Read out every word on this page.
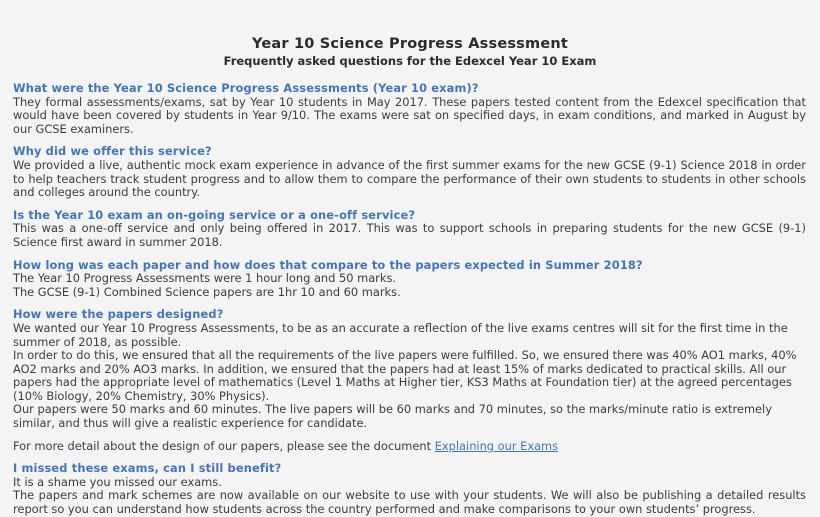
Year 10 Science Progress Assessment
Frequently asked questions for the Edexcel Year 10 Exam

What were the Year 10 Science Progress Assessments (Year 10 exam)?

They formal assessments/exams, sat by Year 10 students in May 2017. These papers tested content from the Edexcel specification that would have been covered by students in Year 9/10. The exams were sat on specified days, in exam conditions, and marked in August by our GCSE examiners.

Why did we offer this service?

We provided a live, authentic mock exam experience in advance of the first summer exams for the new GCSE (9-1) Science 2018 in order to help teachers track student progress and to allow them to compare the performance of their own students to students in other schools and colleges around the country.

Is the Year 10 exam an on-going service or a one-off service?

This was a one-off service and only being offered in 2017. This was to support schools in preparing students for the new GCSE (9-1) Science first award in summer 2018.

How long was each paper and how does that compare to the papers expected in Summer 2018?

The Year 10 Progress Assessments were 1 hour long and 50 marks.

The GCSE (9-1) Combined Science papers are 1hr 10 and 60 marks.

How were the papers designed?

We wanted our Year 10 Progress Assessments, to be as an accurate a reflection of the live exams centres will sit for the first time in the summer of 2018, as possible.

In order to do this, we ensured that all the requirements of the live papers were fulfilled. So, we ensured there was 40% AO1 marks, 40% AO2 marks and 20% AO3 marks. In addition, we ensured that the papers had at least 15% of marks dedicated to practical skills. All our papers had the appropriate level of mathematics (Level 1 Maths at Higher tier, KS3 Maths at Foundation tier) at the agreed percentages (10% Biology, 20% Chemistry, 30% Physics).

Our papers were 50 marks and 60 minutes. The live papers will be 60 marks and 70 minutes, so the marks/minute ratio is extremely similar, and thus will give a realistic experience for candidate.

For more detail about the design of our papers, please see the document Explaining our Exams

I missed these exams, can I still benefit?

It is a shame you missed our exams.

The papers and mark schemes are now available on our website to use with your students. We will also be publishing a detailed results report so you can understand how students across the country performed and make comparisons to your own students’ progress.
